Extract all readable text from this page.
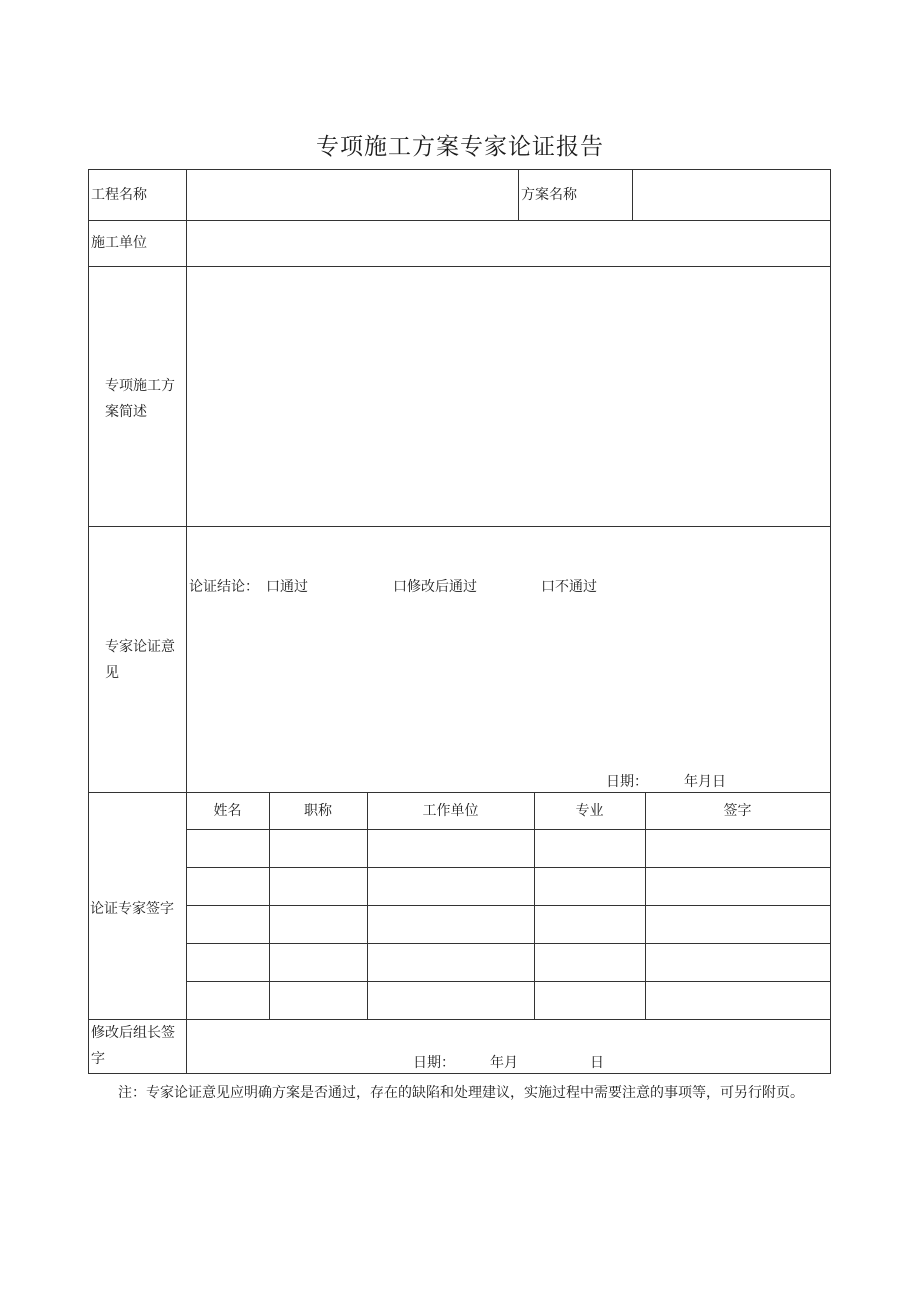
专项施工方案专家论证报告
工程名称	方案名称
施工单位
专项施工方案简述
专家论证意见
论证结论： 口通过	口修改后通过	口不通过
日期：	年月日
论证专家签字
姓名	职称	工作单位	专业	签字
修改后组长签字	日期：	年月	日
注：专家论证意见应明确方案是否通过，存在的缺陷和处理建议，实施过程中需要注意的事项等，可另行附页。
